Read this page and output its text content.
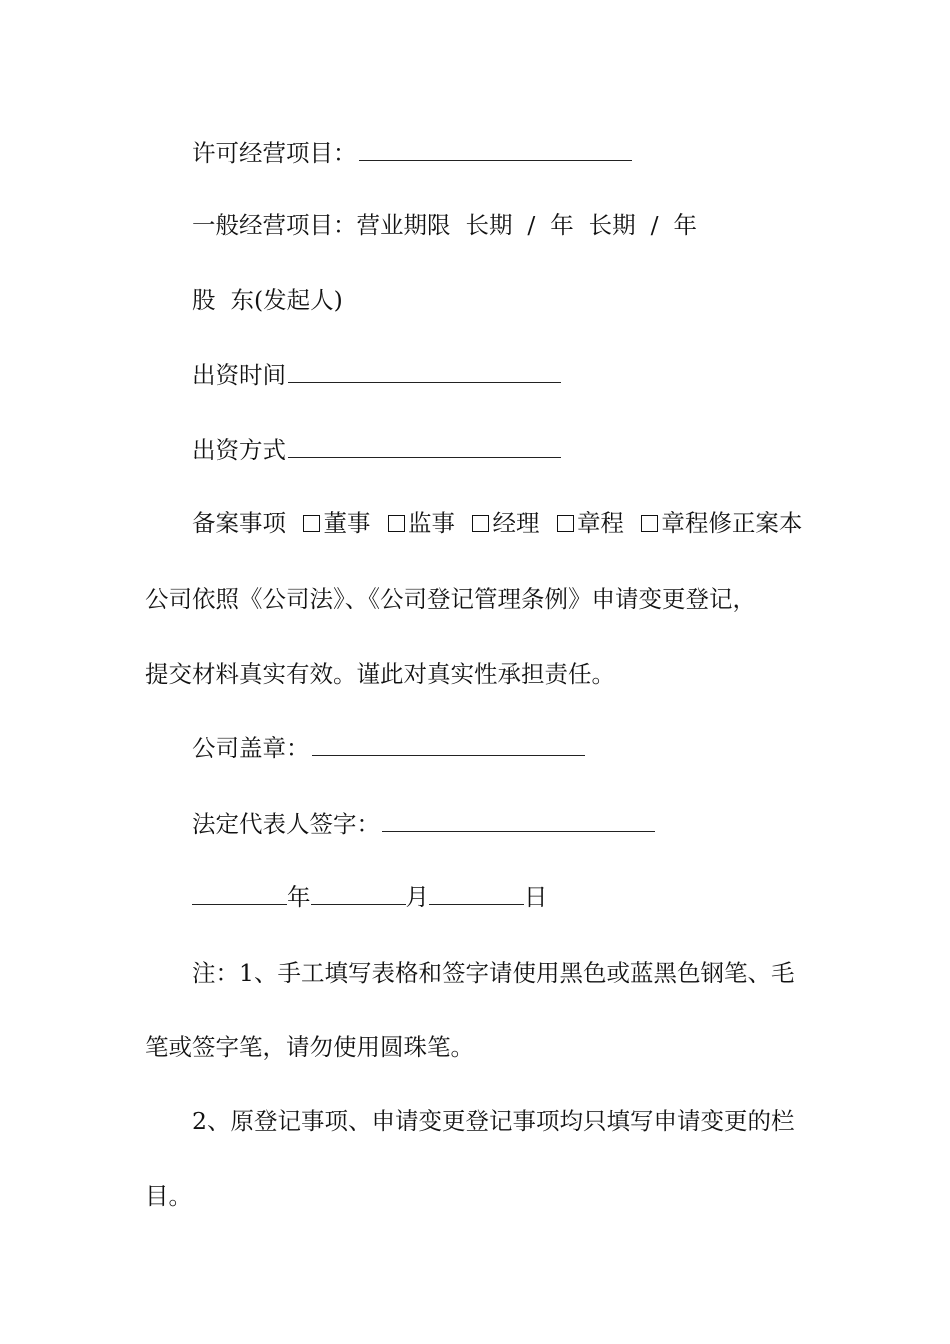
许可经营项目：
一般经营项目：营业期限  长期  /  年  长期  /  年
股  东(发起人)
出资时间
出资方式
备案事项 董事 监事 经理 章程 章程修正案本
公司依照《公司法》、《公司登记管理条例》申请变更登记，
提交材料真实有效。谨此对真实性承担责任。
公司盖章：
法定代表人签字：
年	月	日
注：1、手工填写表格和签字请使用黑色或蓝黑色钢笔、毛
笔或签字笔，请勿使用圆珠笔。
2、原登记事项、申请变更登记事项均只填写申请变更的栏
目。
